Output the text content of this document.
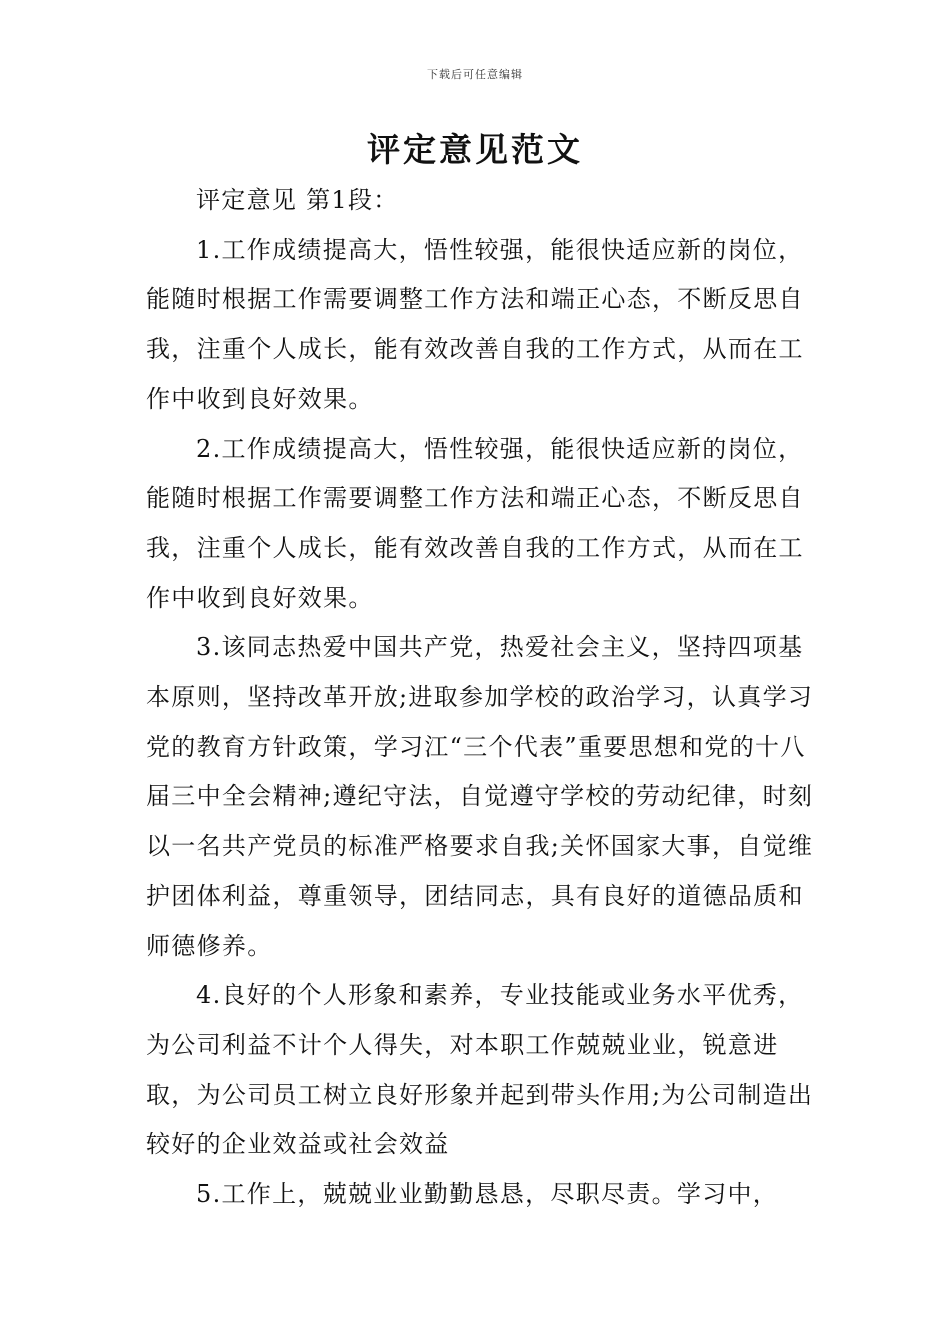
下载后可任意编辑
评定意见范文

评定意见 第1段：

1.工作成绩提高大，悟性较强，能很快适应新的岗位，能随时根据工作需要调整工作方法和端正心态，不断反思自我，注重个人成长，能有效改善自我的工作方式，从而在工作中收到良好效果。

2.工作成绩提高大，悟性较强，能很快适应新的岗位，能随时根据工作需要调整工作方法和端正心态，不断反思自我，注重个人成长，能有效改善自我的工作方式，从而在工作中收到良好效果。

3.该同志热爱中国共产党，热爱社会主义，坚持四项基本原则，坚持改革开放;进取参加学校的政治学习，认真学习党的教育方针政策，学习江“三个代表”重要思想和党的十八届三中全会精神;遵纪守法，自觉遵守学校的劳动纪律，时刻以一名共产党员的标准严格要求自我;关怀国家大事，自觉维护团体利益，尊重领导，团结同志，具有良好的道德品质和师德修养。

4.良好的个人形象和素养，专业技能或业务水平优秀，为公司利益不计个人得失，对本职工作兢兢业业，锐意进取，为公司员工树立良好形象并起到带头作用;为公司制造出较好的企业效益或社会效益

5.工作上，兢兢业业勤勤恳恳，尽职尽责。学习中，
